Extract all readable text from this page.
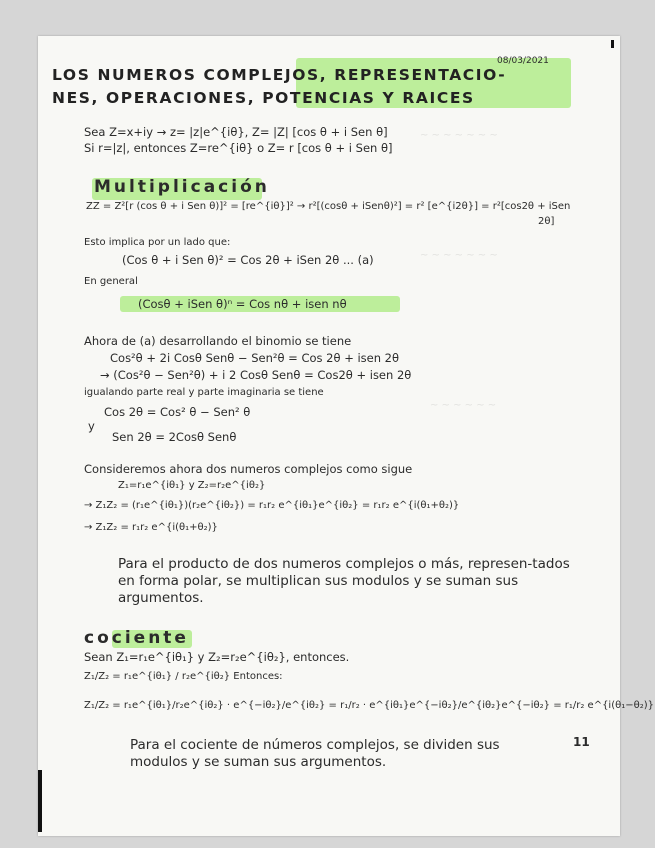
~ ~ ~ ~ ~ ~ ~
~ ~ ~ ~ ~ ~ ~
~ ~ ~ ~ ~ ~
08/03/2021
LOS NUMEROS COMPLEJOS, REPRESENTACIO-
NES, OPERACIONES, POTENCIAS Y RAICES
Sea Z=x+iy → z= |z|e^{iθ}, Z= |Z| [cos θ + i Sen θ]
Si r=|z|, entonces Z=re^{iθ} o Z= r [cos θ + i Sen θ]
Multiplicación
ZZ = Z²[r (cos θ + i Sen θ)]² = [re^{iθ}]² → r²[(cosθ + iSenθ)²] = r² [e^{i2θ}] = r²[cos2θ + iSen
2θ]
Esto implica por un lado que:
(Cos θ + i Sen θ)² = Cos 2θ + iSen 2θ ... (a)
En general
(Cosθ + iSen θ)ⁿ = Cos nθ + isen nθ
Ahora de (a) desarrollando el binomio se tiene
Cos²θ + 2i Cosθ Senθ − Sen²θ = Cos 2θ + isen 2θ
→ (Cos²θ − Sen²θ) + i 2 Cosθ Senθ = Cos2θ + isen 2θ
igualando parte real y parte imaginaria se tiene
Cos 2θ = Cos² θ − Sen² θ
y
Sen 2θ = 2Cosθ Senθ
Consideremos ahora dos numeros complejos como sigue
Z₁=r₁e^{iθ₁} y Z₂=r₂e^{iθ₂}
→ Z₁Z₂ = (r₁e^{iθ₁})(r₂e^{iθ₂}) = r₁r₂ e^{iθ₁}e^{iθ₂} = r₁r₂ e^{i(θ₁+θ₂)}
→ Z₁Z₂ = r₁r₂ e^{i(θ₁+θ₂)}
Para el producto de dos numeros complejos o más, represen-tados en forma polar, se multiplican sus modulos y se suman sus argumentos.
cociente
Sean Z₁=r₁e^{iθ₁} y Z₂=r₂e^{iθ₂}, entonces.
Z₁/Z₂ = r₁e^{iθ₁} / r₂e^{iθ₂} Entonces:
Z₁/Z₂ = r₁e^{iθ₁}/r₂e^{iθ₂} · e^{−iθ₂}/e^{iθ₂} = r₁/r₂ · e^{iθ₁}e^{−iθ₂}/e^{iθ₂}e^{−iθ₂} = r₁/r₂ e^{i(θ₁−θ₂)}
Para el cociente de números complejos, se dividen sus modulos y se suman sus argumentos.
11
